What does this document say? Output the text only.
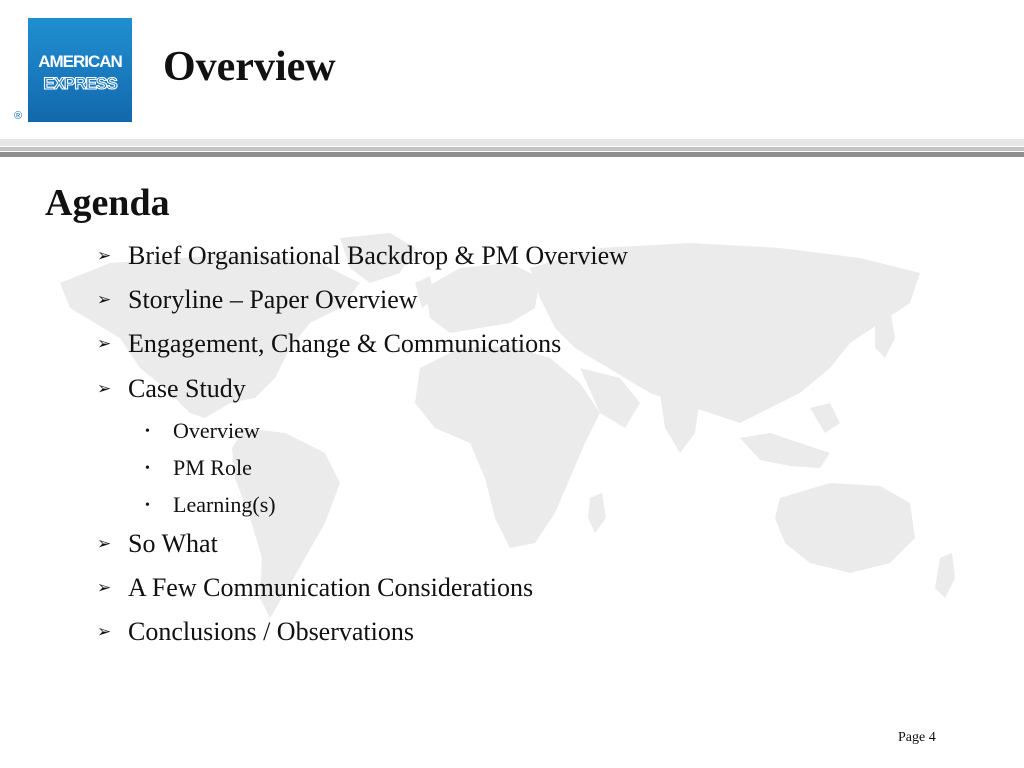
AMERICAN
EXPRESS
®
Overview
Agenda
➢ Brief Organisational Backdrop & PM Overview
➢ Storyline – Paper Overview
➢ Engagement, Change & Communications
➢ Case Study
• Overview
• PM Role
• Learning(s)
➢ So What
➢ A Few Communication Considerations
➢ Conclusions / Observations
Page 4
